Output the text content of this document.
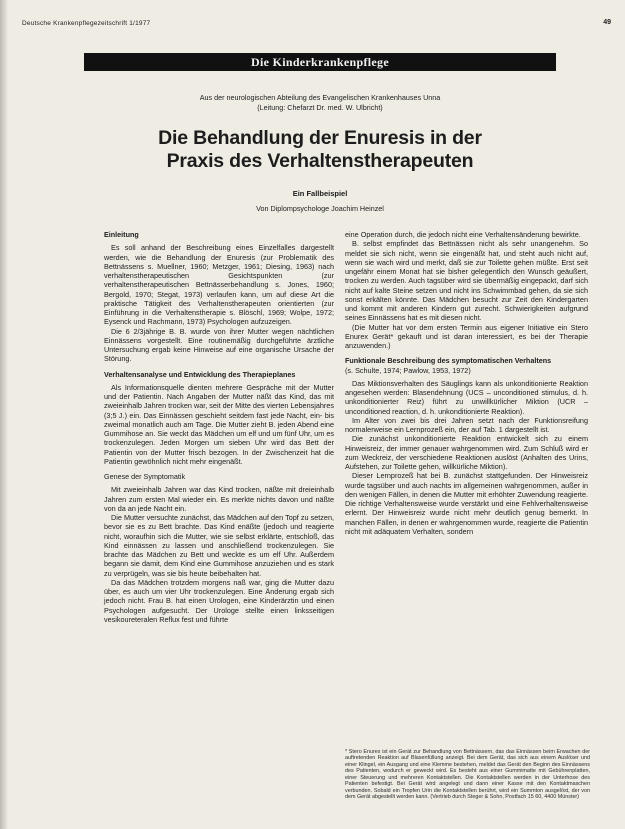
Deutsche Krankenpflegezeitschrift 1/1977	49
Die Kinderkrankenpflege
Aus der neurologischen Abteilung des Evangelischen Krankenhauses Unna
(Leitung: Chefarzt Dr. med. W. Ulbricht)
Die Behandlung der Enuresis in der
Praxis des Verhaltenstherapeuten
Ein Fallbeispiel
Von Diplompsychologe Joachim Heinzel

Einleitung

Es soll anhand der Beschreibung eines Einzelfalles dargestellt werden, wie die Behandlung der Enuresis (zur Problematik des Bettnässens s. Muellner, 1960; Metzger, 1961; Diesing, 1963) nach verhaltenstherapeutischen Gesichtspunkten (zur verhaltenstherapeutischen Bettnässerbehandlung s. Jones, 1960; Bergold, 1970; Stegat, 1973) verlaufen kann, um auf diese Art die praktische Tätigkeit des Verhaltenstherapeuten orientierten (zur Einführung in die Verhaltenstherapie s. Blöschl, 1969; Wolpe, 1972; Eysenck und Rachmann, 1973) Psychologen aufzuzeigen.

Die 6 2/3jährige B. B. wurde von ihrer Mutter wegen nächtlichen Einnässens vorgestellt. Eine routinemäßig durchgeführte ärztliche Untersuchung ergab keine Hinweise auf eine organische Ursache der Störung.

Verhaltensanalyse und Entwicklung des Therapieplanes

Als Informationsquelle dienten mehrere Gespräche mit der Mutter und der Patientin. Nach Angaben der Mutter näßt das Kind, das mit zweieinhalb Jahren trocken war, seit der Mitte des vierten Lebensjahres (3;5 J.) ein. Das Einnässen geschieht seitdem fast jede Nacht, ein- bis zweimal monatlich auch am Tage. Die Mutter zieht B. jeden Abend eine Gummihose an. Sie weckt das Mädchen um elf und um fünf Uhr, um es trockenzulegen. Jeden Morgen um sieben Uhr wird das Bett der Patientin von der Mutter frisch bezogen. In der Zwischenzeit hat die Patientin gewöhnlich nicht mehr eingenäßt.

Genese der Symptomatik

Mit zweieinhalb Jahren war das Kind trocken, näßte mit dreieinhalb Jahren zum ersten Mal wieder ein. Es merkte nichts davon und näßte von da an jede Nacht ein.

Die Mutter versuchte zunächst, das Mädchen auf den Topf zu setzen, bevor sie es zu Bett brachte. Das Kind enäßte (jedoch und reagierte nicht, woraufhin sich die Mutter, wie sie selbst erklärte, entschloß, das Kind einnässen zu lassen und anschließend trockenzulegen. Sie brachte das Mädchen zu Bett und weckte es um elf Uhr. Außerdem begann sie damit, dem Kind eine Gummihose anzuziehen und es stark zu verprügeln, was sie bis heute beibehalten hat.

Da das Mädchen trotzdem morgens naß war, ging die Mutter dazu über, es auch um vier Uhr trockenzulegen. Eine Änderung ergab sich jedoch nicht. Frau B. hat einen Urologen, eine Kinderärztin und einen Psychologen aufgesucht. Der Urologe stellte einen linksseitigen vesikoureteralen Reflux fest und führte

eine Operation durch, die jedoch nicht eine Verhaltensänderung bewirkte.

B. selbst empfindet das Bettnässen nicht als sehr unangenehm. So meldet sie sich nicht, wenn sie eingenäßt hat, und steht auch nicht auf, wenn sie wach wird und merkt, daß sie zur Toilette gehen müßte. Erst seit ungefähr einem Monat hat sie bisher gelegentlich den Wunsch geäußert, trocken zu werden. Auch tagsüber wird sie übermäßig eingepackt, darf sich nicht auf kalte Steine setzen und nicht ins Schwimmbad gehen, da sie sich sonst erkälten könnte. Das Mädchen besucht zur Zeit den Kindergarten und kommt mit anderen Kindern gut zurecht. Schwierigkeiten aufgrund seines Einnässens hat es mit diesen nicht.

(Die Mutter hat vor dem ersten Termin aus eigener Initiative ein Stero Enurex Gerät* gekauft und ist daran interessiert, es bei der Therapie anzuwenden.)

Funktionale Beschreibung des symptomatischen Verhaltens

(s. Schulte, 1974; Pawlow, 1953, 1972)

Das Miktionsverhalten des Säuglings kann als unkonditionierte Reaktion angesehen werden: Blasendehnung (UCS – unconditioned stimulus, d. h. unkonditionierter Reiz) führt zu unwillkürlicher Miktion (UCR – unconditioned reaction, d. h. unkonditionierte Reaktion).

Im Alter von zwei bis drei Jahren setzt nach der Funktionsreifung normalerweise ein Lernprozeß ein, der auf Tab. 1 dargestellt ist.

Die zunächst unkonditionierte Reaktion entwickelt sich zu einem Hinweisreiz, der immer genauer wahrgenommen wird. Zum Schluß wird er zum Weckreiz, der verschiedene Reaktionen auslöst (Anhalten des Urins, Aufstehen, zur Toilette gehen, willkürliche Miktion).

Dieser Lernprozeß hat bei B. zunächst stattgefunden. Der Hinweisreiz wurde tagsüber und auch nachts im allgemeinen wahrgenommen, außer in den wenigen Fällen, in denen die Mutter mit erhöhter Zuwendung reagierte. Die richtige Verhaltensweise wurde verstärkt und eine Fehlverhaltensweise erlernt. Der Hinweisreiz wurde nicht mehr deutlich genug bemerkt. In manchen Fällen, in denen er wahrgenommen wurde, reagierte die Patientin nicht mit adäquatem Verhalten, sondern

* Stero Enurex ist ein Gerät zur Behandlung von Bettnässern, das das Einnässen beim Erwachen der auftretenden Reaktion auf Blasenfüllung anzeigt. Bei dem Gerät, das sich aus einem Auslöser und einer Klingel, ein Ausgang und eine Klemme bestehen, meldet das Gerät den Beginn des Einnässens des Patienten, wodurch er geweckt wird. Es besteht aus einer Gummimatte mit Gebührenplatten, einer Steuerung und mehreren Kontaktstellen. Die Kontaktstellen werden in der Unterhose des Patienten befestigt. Bei Gerät wird angelegt und dann einer Kasse mit den Kontaktmaschen verbunden. Sobald ein Tropfen Urin die Kontaktstellen berührt, wird ein Summton ausgelöst, der von dem Gerät abgestellt werden kann. (Vertrieb durch Steger & Sohn, Postfach 15 60, 4400 Münster)
